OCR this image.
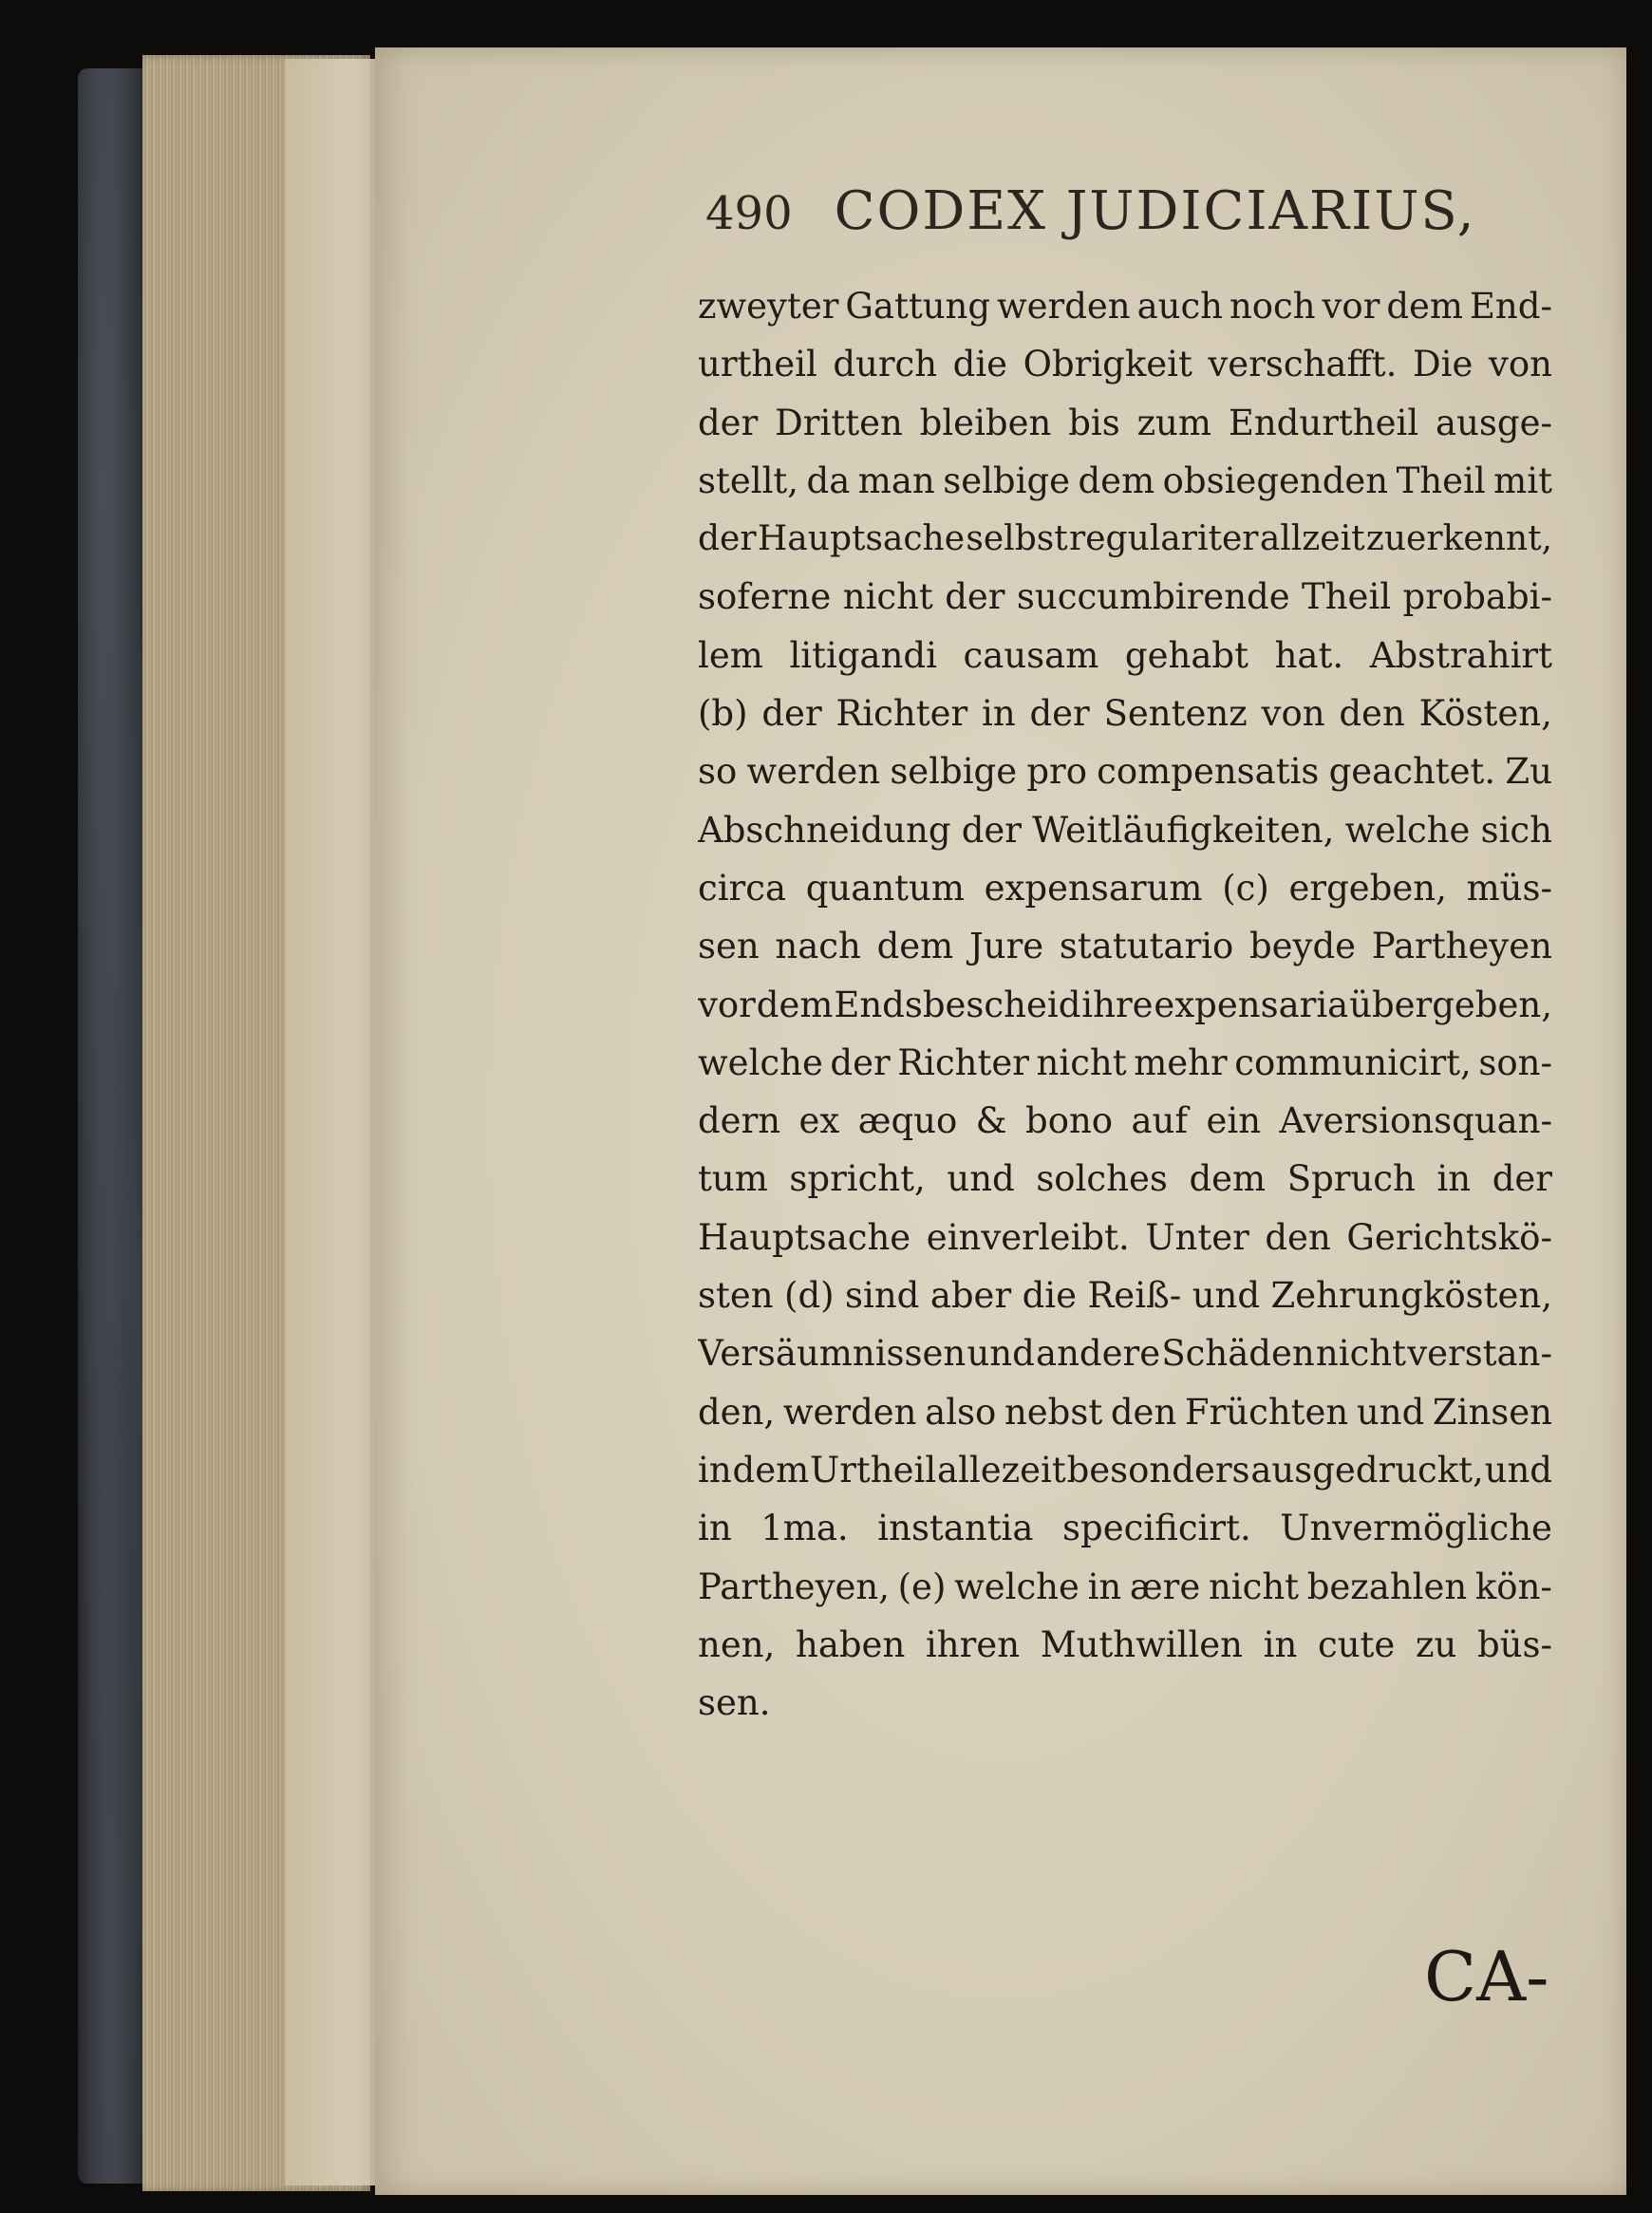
490 CODEX JUDICIARIUS,
zweyter Gattung werden auch noch vor dem End-
urtheil durch die Obrigkeit verschafft. Die von
der Dritten bleiben bis zum Endurtheil ausge-
stellt, da man selbige dem obsiegenden Theil mit
der Hauptsache selbst regulariter allzeit zuerkennt,
soferne nicht der succumbirende Theil probabi-
lem litigandi causam gehabt hat. Abstrahirt
(b) der Richter in der Sentenz von den Kösten,
so werden selbige pro compensatis geachtet. Zu
Abschneidung der Weitläufigkeiten, welche sich
circa quantum expensarum (c) ergeben, müs-
sen nach dem Jure statutario beyde Partheyen
vor dem Endsbescheid ihre expensaria übergeben,
welche der Richter nicht mehr communicirt, son-
dern ex æquo & bono auf ein Aversionsquan-
tum spricht, und solches dem Spruch in der
Hauptsache einverleibt. Unter den Gerichtskö-
sten (d) sind aber die Reiß- und Zehrungkösten,
Versäumnissen und andere Schäden nicht verstan-
den, werden also nebst den Früchten und Zinsen
in dem Urtheil allezeit besonders ausgedruckt, und
in 1ma. instantia specificirt. Unvermögliche
Partheyen, (e) welche in ære nicht bezahlen kön-
nen, haben ihren Muthwillen in cute zu büs-
sen.
CA-
